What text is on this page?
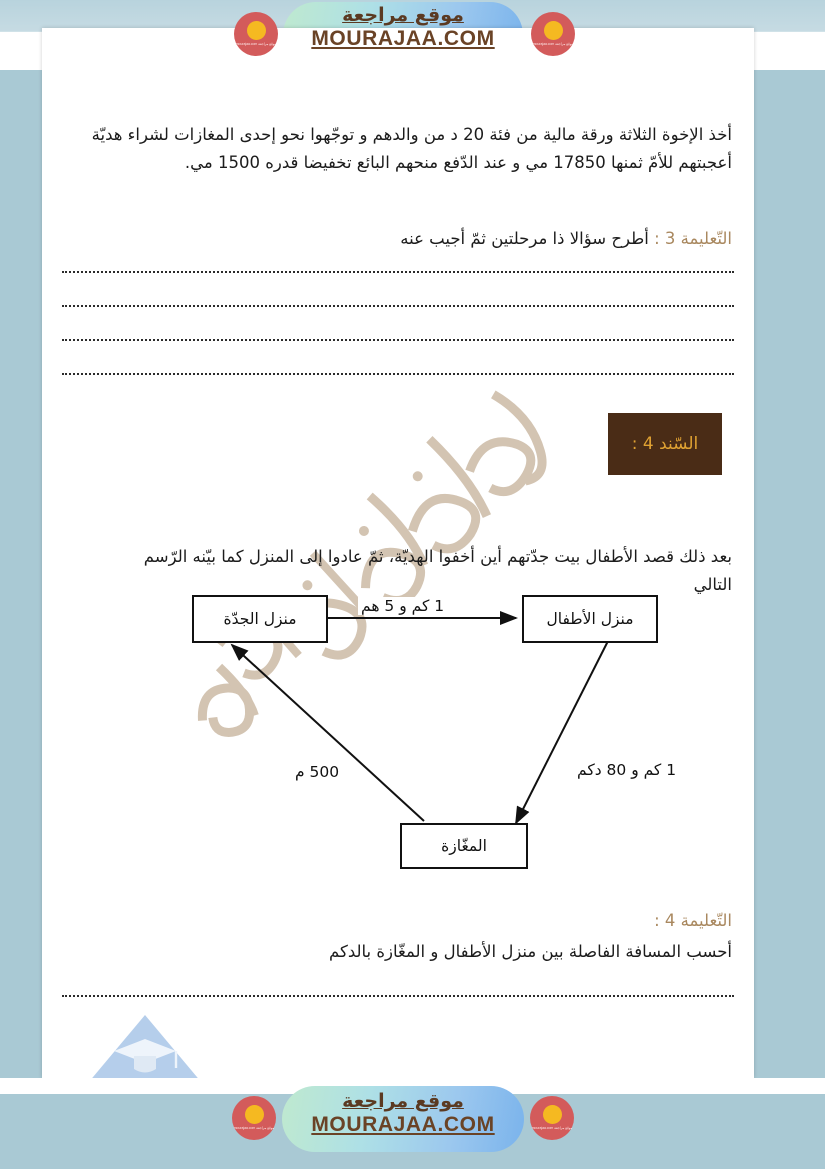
موقع مراجعة mourajaa.com
موقع مراجعة
MOURAJAA.COM	موقع مراجعة mourajaa.com

أخذ الإخوة الثلاثة ورقة مالية من فئة 20 د من والدهم و توجّهوا نحو إحدى المغازات لشراء هديّة أعجبتهم للأمّ ثمنها 17850 مي و عند الدّفع منحهم البائع تخفيضا قدره 1500 مي.

التّعليمة 3 : أطرح سؤالا ذا مرحلتين ثمّ أجيب عنه

بعد ذلك قصد الأطفال بيت جدّتهم أين أخفوا الهديّة، ثمّ عادوا إلى المنزل كما بيّنه الرّسم التالي

التّعليمة 4 :

أحسب المسافة الفاصلة بين منزل الأطفال و المغّازة بالدكم

السّند 4 :
منزل الجدّة	منزل الأطفال
المغّازة
1 كم و 5 هم
500 م	1 كم و 80 دكم
موقع مراجعة mourajaa.com
موقع مراجعة
MOURAJAA.COM	موقع مراجعة mourajaa.com
